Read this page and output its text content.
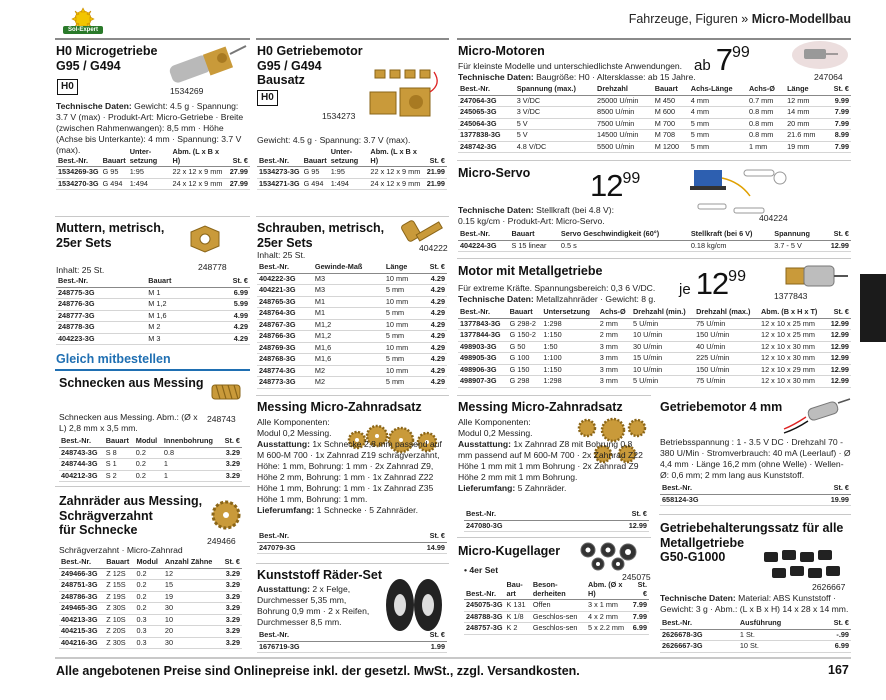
Sol-Expert
Fahrzeuge, Figuren » Micro-Modellbau
H0 Microgetriebe
G95 / G494
H0	1534269
Technische Daten: Gewicht: 4.5 g · Spannung: 3.7 V (max) · Produkt-Art: Micro-Getriebe · Breite (zwischen Rahmenwangen): 8,5 mm · Höhe (Achse bis Unterkante): 4 mm · Spannung: 3.7 V (max).
Best.-Nr.	Bauart	Unter-setzung	Abm. (L x B x H)	St. €
1534269-3G	G 95	1:95	22 x 12 x 9 mm	27.99
1534270-3G	G 494	1:494	24 x 12 x 9 mm	27.99
Muttern, metrisch,
25er Sets
248778
Inhalt: 25 St.
Best.-Nr.	Bauart	St. €
248775-3G	M 1	6.99
248776-3G	M 1,2	5.99
248777-3G	M 1,6	4.99
248778-3G	M 2	4.29
404223-3G	M 3	4.29
Gleich mitbestellen
Schnecken aus Messing
248743
Schnecken aus Messing. Abm.: (Ø x L) 2,8 mm x 3,5 mm.
Best.-Nr.	Bauart	Modul	Innenbohrung	St. €
248743-3G	S 8	0.2	0.8	3.29
248744-3G	S 1	0.2	1	3.29
404212-3G	S 2	0.2	1	3.29
Zahnräder aus Messing,
Schrägverzahnt
für Schnecke
249466
Schrägverzahnt · Micro-Zahnrad
Best.-Nr.	Bauart	Modul	Anzahl Zähne	St. €
249466-3G	Z 12S	0.2	12	3.29
248751-3G	Z 15S	0.2	15	3.29
248786-3G	Z 19S	0.2	19	3.29
249465-3G	Z 30S	0.2	30	3.29
404213-3G	Z 10S	0.3	10	3.29
404215-3G	Z 20S	0.3	20	3.29
404216-3G	Z 30S	0.3	30	3.29
H0 Getriebemotor
G95 / G494
Bausatz
H0
1534273
Gewicht: 4.5 g · Spannung: 3.7 V (max).
Best.-Nr.	Bauart	Unter-setzung	Abm. (L x B x H)	St. €
1534273-3G	G 95	1:95	22 x 12 x 9 mm	21.99
1534271-3G	G 494	1:494	24 x 12 x 9 mm	21.99
Schrauben, metrisch,
25er Sets	404222
Inhalt: 25 St.
Best.-Nr.	Gewinde-Maß	Länge	St. €
404222-3G	M3	10 mm	4.29
404221-3G	M3	5 mm	4.29
248765-3G	M1	10 mm	4.29
248764-3G	M1	5 mm	4.29
248767-3G	M1,2	10 mm	4.29
248766-3G	M1,2	5 mm	4.29
248769-3G	M1,6	10 mm	4.29
248768-3G	M1,6	5 mm	4.29
248774-3G	M2	10 mm	4.29
248773-3G	M2	5 mm	4.29
Messing Micro-Zahnradsatz
Alle Komponenten:
Modul 0,2 Messing.
Ausstattung: 1x Schnecke 2,8 mm passend auf M 600-M 700 · 1x Zahnrad Z19 schrägverzahnt, Höhe: 1 mm, Bohrung: 1 mm · 2x Zahnrad Z9, Höhe 2 mm, Bohrung: 1 mm · 1x Zahnrad Z22 Höhe 1 mm, Bohrung: 1 mm · 1x Zahnrad Z35 Höhe 1 mm, Bohrung: 1 mm.
Lieferumfang: 1 Schnecke · 5 Zahnräder.
Best.-Nr.	St. €
247079-3G	14.99
Kunststoff Räder-Set
Ausstattung: 2 x Felge, Durchmesser 5,35 mm, Bohrung 0,9 mm · 2 x Reifen, Durchmesser 8,5 mm.
Best.-Nr.	St. €
1676719-3G	1.99
Micro-Motoren
ab $7^{99}$
247064
Für kleinste Modelle und unterschiedlichste Anwendungen.
Technische Daten: Baugröße: H0 · Altersklasse: ab 15 Jahre.
Best.-Nr.	Spannung (max.)	Drehzahl	Bauart	Achs-Länge	Achs-Ø	Länge	St. €
247064-3G	3 V/DC	25000 U/min	M 450	4 mm	0.7 mm	12 mm	9.99
245065-3G	3 V/DC	8500 U/min	M 600	4 mm	0.8 mm	14 mm	7.99
245064-3G	5 V	7500 U/min	M 700	5 mm	0.8 mm	20 mm	7.99
1377838-3G	5 V	14500 U/min	M 708	5 mm	0.8 mm	21.6 mm	8.99
248742-3G	4.8 V/DC	5500 U/min	M 1200	5 mm	1 mm	19 mm	7.99
Micro-Servo $12^{99}$
404224
Technische Daten: Stellkraft (bei 4.8 V): 0.15 kg/cm · Produkt-Art: Micro-Servo.
Best.-Nr.	Bauart	Servo Geschwindigkeit (60°)	Stellkraft (bei 6 V)	Spannung	St. €
404224-3G	S 15 linear	0.5 s	0.18 kg/cm	3.7 - 5 V	12.99
Motor mit Metallgetriebe
je $12^{99}$
1377843
Für extreme Kräfte. Spannungsbereich: 0,3 6 V/DC.
Technische Daten: Metallzahnräder · Gewicht: 8 g.
Best.-Nr.	Bauart	Untersetzung	Achs-Ø	Drehzahl (min.)	Drehzahl (max.)	Abm. (B x H x T)	St. €
1377843-3G	G 298-2	1:298	2 mm	5 U/min	75 U/min	12 x 10 x 25 mm	12.99
1377844-3G	G 150-2	1:150	2 mm	10 U/min	150 U/min	12 x 10 x 25 mm	12.99
498903-3G	G 50	1:50	3 mm	30 U/min	40 U/min	12 x 10 x 30 mm	12.99
498905-3G	G 100	1:100	3 mm	15 U/min	225 U/min	12 x 10 x 30 mm	12.99
498906-3G	G 150	1:150	3 mm	10 U/min	150 U/min	12 x 10 x 29 mm	12.99
498907-3G	G 298	1:298	3 mm	5 U/min	75 U/min	12 x 10 x 30 mm	12.99
Messing Micro-Zahnradsatz
Alle Komponenten:
Modul 0,2 Messing.
Ausstattung: 1x Zahnrad Z8 mit Bohrung 0,8 mm passend auf M 600-M 700 · 2x Zahnrad Z22 Höhe 1 mm mit 1 mm Bohrung · 2x Zahnrad Z9 Höhe 2 mm mit 1 mm Bohrung.
Lieferumfang: 5 Zahnräder.
Best.-Nr.	St. €
247080-3G	12.99
Micro-Kugellager
245075
• 4er Set
Best.-Nr.	Bau-art	Beson-derheiten	Abm. (Ø x H)	St. €
245075-3G	K 131	Offen	3 x 1 mm	7.99
248788-3G	K 1/8	Geschlos-sen	4 x 2 mm	7.99
248757-3G	K 2	Geschlos-sen	5 x 2.2 mm	6.99
Getriebemotor 4 mm
Betriebsspannung : 1 - 3.5 V DC · Drehzahl 70 - 380 U/Min · Stromverbrauch: 40 mA (Leerlauf) · Ø 4,4 mm · Länge 16,2 mm (ohne Welle) · Wellen-Ø: 0,6 mm; 2 mm lang aus Kunststoff.
Best.-Nr.	St. €
658124-3G	19.99
Getriebehalterungssatz für alle
Metallgetriebe
G50-G1000
2626667
Technische Daten: Material: ABS Kunststoff · Gewicht: 3 g · Abm.: (L x B x H) 14 x 28 x 14 mm.
Best.-Nr.	Ausführung	St. €
2626678-3G	1 St.	-.99
2626667-3G	10 St.	6.99
Alle angebotenen Preise sind Onlinepreise inkl. der gesetzl. MwSt., zzgl. Versandkosten.	167
